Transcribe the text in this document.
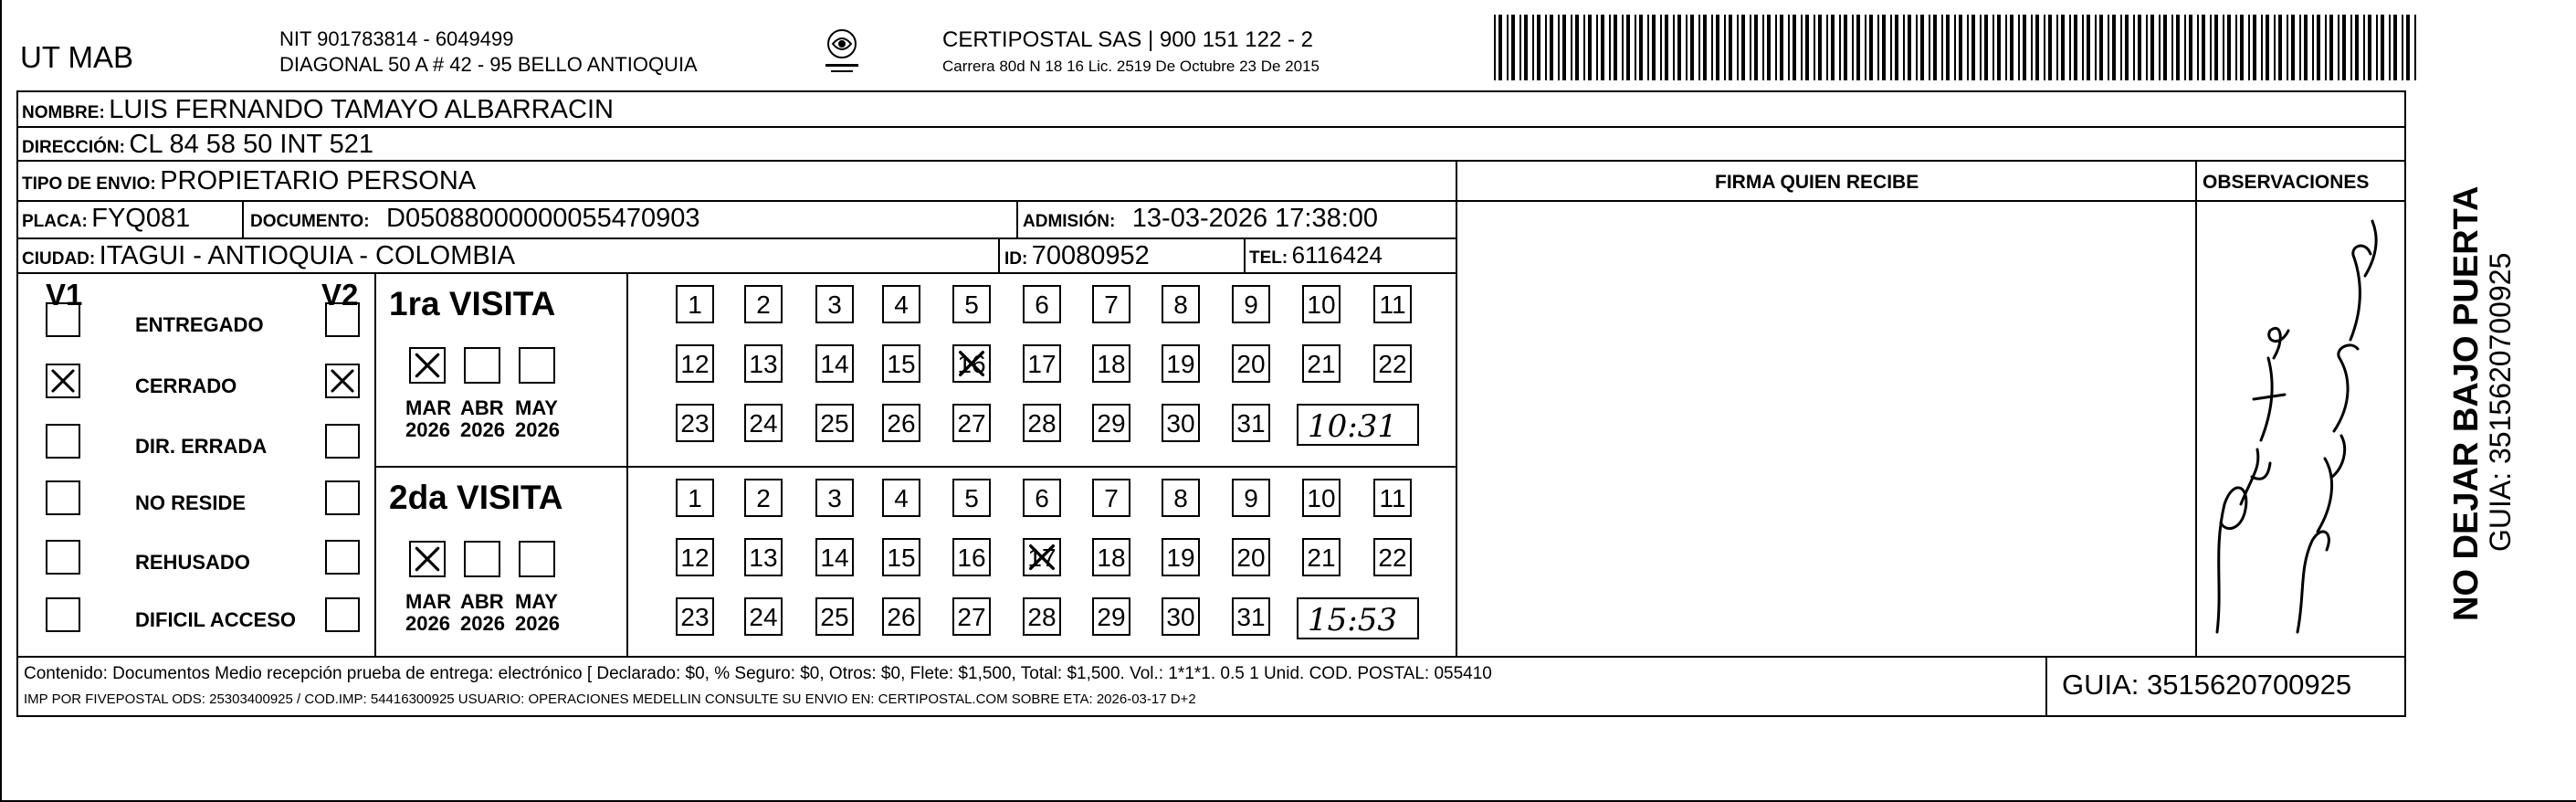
UT MAB
NIT 901783814 - 6049499
DIAGONAL 50 A # 42 - 95 BELLO ANTIOQUIA
CERTIPOSTAL SAS | 900 151 122 - 2
Carrera 80d N 18 16 Lic. 2519 De Octubre 23 De 2015
NOMBRE: LUIS FERNANDO TAMAYO ALBARRACIN
DIRECCIÓN: CL 84 58 50 INT 521
TIPO DE ENVIO: PROPIETARIO PERSONA	FIRMA QUIEN RECIBE	OBSERVACIONES
PLACA: FYQ081	DOCUMENTO: D05088000000055470903	ADMISIÓN: 13-03-2026 17:38:00
CIUDAD: ITAGUI - ANTIOQUIA - COLOMBIA	ID: 70080952	TEL: 6116424
V1	V2
ENTREGADO
CERRADO
DIR. ERRADA
NO RESIDE
REHUSADO
DIFICIL ACCESO
1ra VISITA
MAR
2026
ABR
2026
MAY
2026
1	2	3	4	5	6	7	8	9	10 11
12 13 14 15 16 17 18 19 20 21 22
23 24 25 26 27 28 29 30 31 10:31
2da VISITA
MAR
2026
ABR
2026
MAY
2026
1	2	3	4	5	6	7	8	9	10 11
12 13 14 15 16 17 18 19 20 21 22
23 24 25 26 27 28 29 30 31 15:53	NO DEJAR BAJO PUERTA
GUIA: 3515620700925
Contenido: Documentos Medio recepción prueba de entrega: electrónico [ Declarado: $0, % Seguro: $0, Otros: $0, Flete: $1,500, Total: $1,500. Vol.: 1*1*1. 0.5 1 Unid. COD. POSTAL: 055410
IMP POR FIVEPOSTAL ODS: 25303400925 / COD.IMP: 54416300925 USUARIO: OPERACIONES MEDELLIN CONSULTE SU ENVIO EN: CERTIPOSTAL.COM SOBRE ETA: 2026-03-17 D+2	GUIA: 3515620700925
